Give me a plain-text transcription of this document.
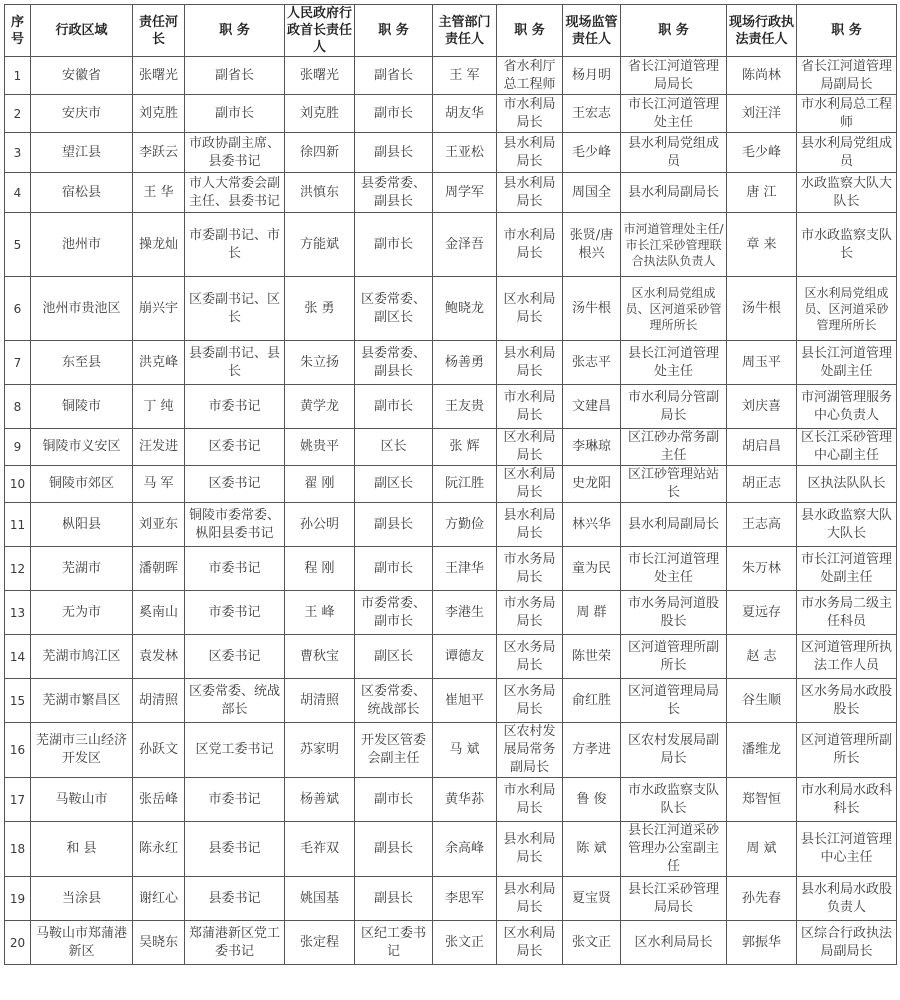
序号	行政区域	责任河长	职 务	人民政府行政首长责任人	职 务	主管部门责任人	职 务	现场监管责任人	职 务	现场行政执法责任人	职 务
1	安徽省	张曙光	副省长	张曙光	副省长	王 军	省水利厅总工程师	杨月明	省长江河道管理局局长	陈尚林	省长江河道管理局副局长
2	安庆市	刘克胜	副市长	刘克胜	副市长	胡友华	市水利局局长	王宏志	市长江河道管理处主任	刘汪洋	市水利局总工程师
3	望江县	李跃云	市政协副主席、县委书记	徐四新	副县长	王亚松	县水利局局长	毛少峰	县水利局党组成员	毛少峰	县水利局党组成员
4	宿松县	王 华	市人大常委会副主任、县委书记	洪慎东	县委常委、副县长	周学军	县水利局局长	周国全	县水利局副局长	唐 江	水政监察大队大队长
5	池州市	操龙灿	市委副书记、市长	方能斌	副市长	金泽吾	市水利局局长	张贤/唐根兴	市河道管理处主任/市长江采砂管理联合执法队负责人	章 来	市水政监察支队长
6	池州市贵池区	崩兴宇	区委副书记、区长	张 勇	区委常委、副区长	鲍晓龙	区水利局局长	汤牛根	区水利局党组成员、区河道采砂管理所所长	汤牛根	区水利局党组成员、区河道采砂管理所所长
7	东至县	洪克峰	县委副书记、县长	朱立扬	县委常委、副县长	杨善勇	县水利局局长	张志平	县长江河道管理处主任	周玉平	县长江河道管理处副主任
8	铜陵市	丁 纯	市委书记	黄学龙	副市长	王友贵	市水利局局长	文建昌	市水利局分管副局长	刘庆喜	市河湖管理服务中心负责人
9	铜陵市义安区	汪发进	区委书记	姚贵平	区长	张 辉	区水利局局长	李琳琼	区江砂办常务副主任	胡启昌	区长江采砂管理中心副主任
10	铜陵市郊区	马 军	区委书记	翟 刚	副区长	阮江胜	区水利局局长	史龙阳	区江砂管理站站长	胡正志	区执法队队长
11	枞阳县	刘亚东	铜陵市委常委、枞阳县委书记	孙公明	副县长	方勤俭	县水利局局长	林兴华	县水利局副局长	王志高	县水政监察大队大队长
12	芜湖市	潘朝晖	市委书记	程 刚	副市长	王津华	市水务局局长	童为民	市长江河道管理处主任	朱万林	市长江河道管理处副主任
13	无为市	奚南山	市委书记	王 峰	市委常委、副市长	李港生	市水务局局长	周 群	市水务局河道股股长	夏远存	市水务局二级主任科员
14	芜湖市鸠江区	袁发林	区委书记	曹秋宝	副区长	谭德友	区水务局局长	陈世荣	区河道管理所副所长	赵 志	区河道管理所执法工作人员
15	芜湖市繁昌区	胡清照	区委常委、统战部长	胡清照	区委常委、统战部长	崔旭平	区水务局局长	俞红胜	区河道管理局局长	谷生顺	区水务局水政股股长
16	芜湖市三山经济开发区	孙跃文	区党工委书记	苏家明	开发区管委会副主任	马 斌	区农村发展局常务副局长	方孝进	区农村发展局副局长	潘维龙	区河道管理所副所长
17	马鞍山市	张岳峰	市委书记	杨善斌	副市长	黄华荪	市水利局局长	鲁 俊	市水政监察支队队长	郑智恒	市水利局水政科科长
18	和 县	陈永红	县委书记	毛祚双	副县长	余高峰	县水利局局长	陈 斌	县长江河道采砂管理办公室副主任	周 斌	县长江河道管理中心主任
19	当涂县	谢红心	县委书记	姚国基	副县长	李思军	县水利局局长	夏宝贤	县长江采砂管理局局长	孙先春	县水利局水政股负责人
20	马鞍山市郑蒲港新区	吴晓东	郑蒲港新区党工委书记	张定程	区纪工委书记	张文正	区水利局局长	张文正	区水利局局长	郭振华	区综合行政执法局副局长
